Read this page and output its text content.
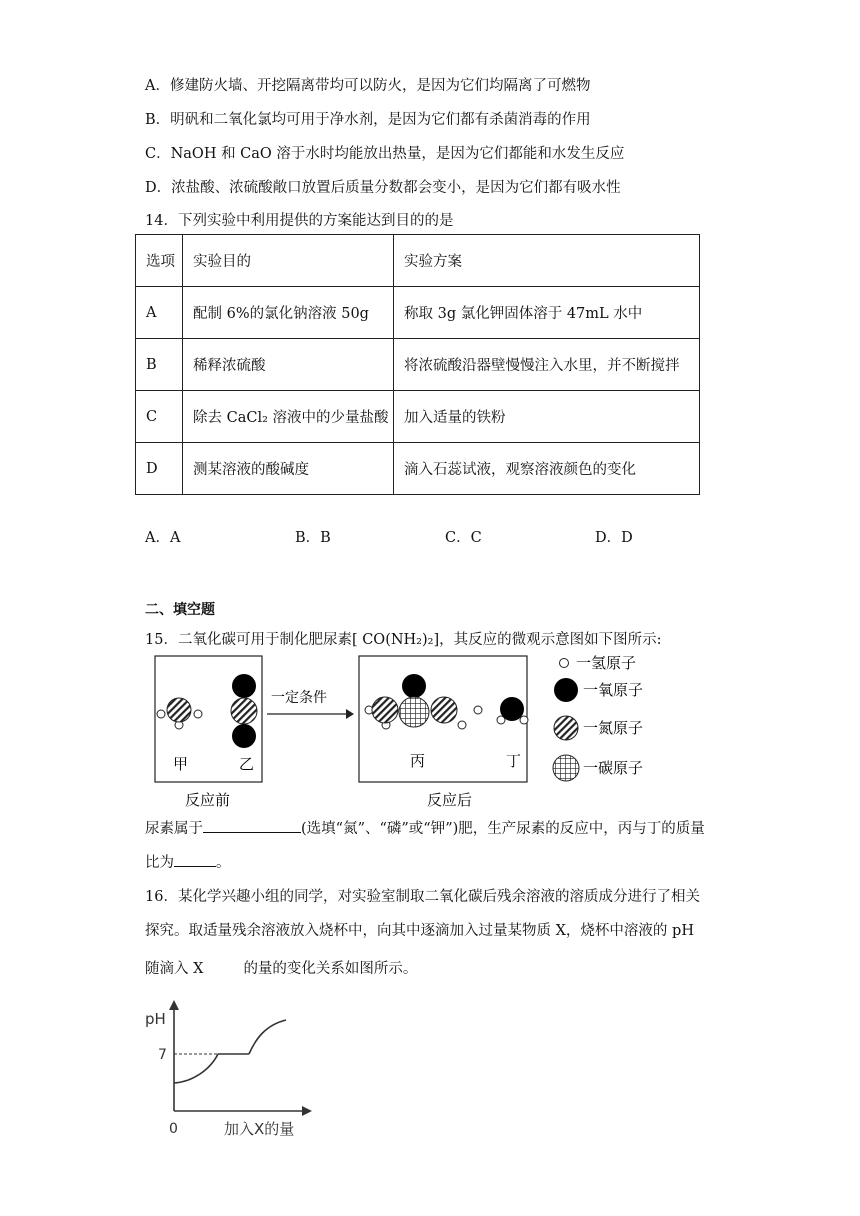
A．修建防火墙、开挖隔离带均可以防火，是因为它们均隔离了可燃物
B．明矾和二氧化氯均可用于净水剂，是因为它们都有杀菌消毒的作用
C．NaOH 和 CaO 溶于水时均能放出热量，是因为它们都能和水发生反应
D．浓盐酸、浓硫酸敞口放置后质量分数都会变小，是因为它们都有吸水性
14．下列实验中利用提供的方案能达到目的的是
选项	实验目的	实验方案
A	配制 6%的氯化钠溶液 50g	称取 3g 氯化钾固体溶于 47mL 水中
B	稀释浓硫酸	将浓硫酸沿器壁慢慢注入水里，并不断搅拌
C	除去 CaCl₂ 溶液中的少量盐酸	加入适量的铁粉
D	测某溶液的酸碱度	滴入石蕊试液，观察溶液颜色的变化
A．A	B．B	C．C	D．D
二、填空题
15．二氧化碳可用于制化肥尿素[ CO(NH₂)₂]，其反应的微观示意图如下图所示:
甲	乙
反应前
一定条件
丙	丁
反应后
一氢原子
一氧原子
一氮原子
一碳原子
尿素属于	(选填“氮”、“磷”或“钾”)肥，生产尿素的反应中，丙与丁的质量
比为	。
16．某化学兴趣小组的同学，对实验室制取二氧化碳后残余溶液的溶质成分进行了相关
探究。取适量残余溶液放入烧杯中，向其中逐滴加入过量某物质 X，烧杯中溶液的 pH
随滴入 X	的量的变化关系如图所示。
pH
7
0	加入X的量
